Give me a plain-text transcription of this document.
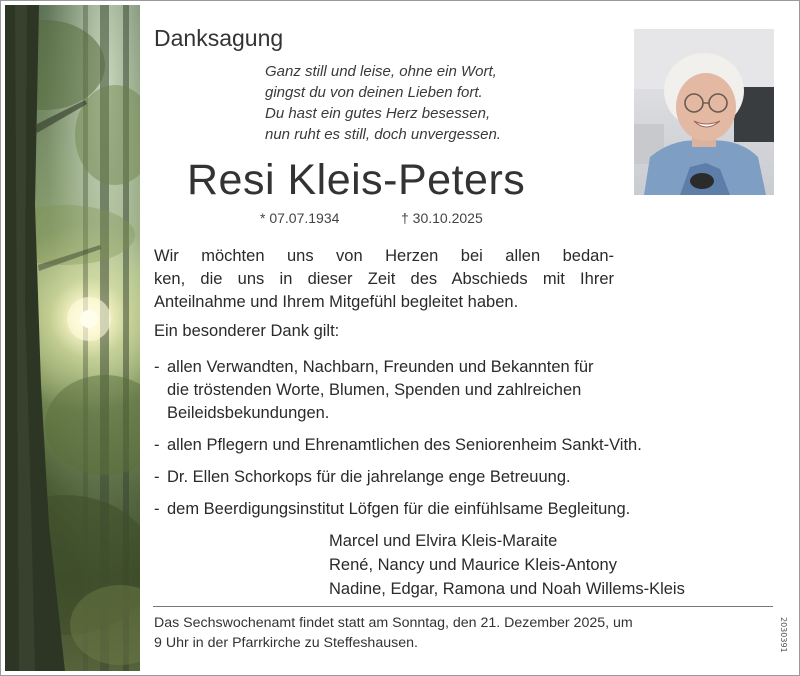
Danksagung
Ganz still und leise, ohne ein Wort,
gingst du von deinen Lieben fort.
Du hast ein gutes Herz besessen,
nun ruht es still, doch unvergessen.
Resi Kleis-Peters
* 07.07.1934	† 30.10.2025
Wir möchten uns von Herzen bei allen bedan-
ken, die uns in dieser Zeit des Abschieds mit Ihrer
Anteilnahme und Ihrem Mitgefühl begleitet haben.
Ein besonderer Dank gilt:
- allen Verwandten, Nachbarn, Freunden und Bekannten für
die tröstenden Worte, Blumen, Spenden und zahlreichen
Beileidsbekundungen.
- allen Pflegern und Ehrenamtlichen des Seniorenheim Sankt-Vith.
- Dr. Ellen Schorkops für die jahrelange enge Betreuung.
- dem Beerdigungsinstitut Löfgen für die einfühlsame Begleitung.
Marcel und Elvira Kleis-Maraite
René, Nancy und Maurice Kleis-Antony
Nadine, Edgar, Ramona und Noah Willems-Kleis
Das Sechswochenamt findet statt am Sonntag, den 21. Dezember 2025, um
9 Uhr in der Pfarrkirche zu Steffeshausen.	2030391
